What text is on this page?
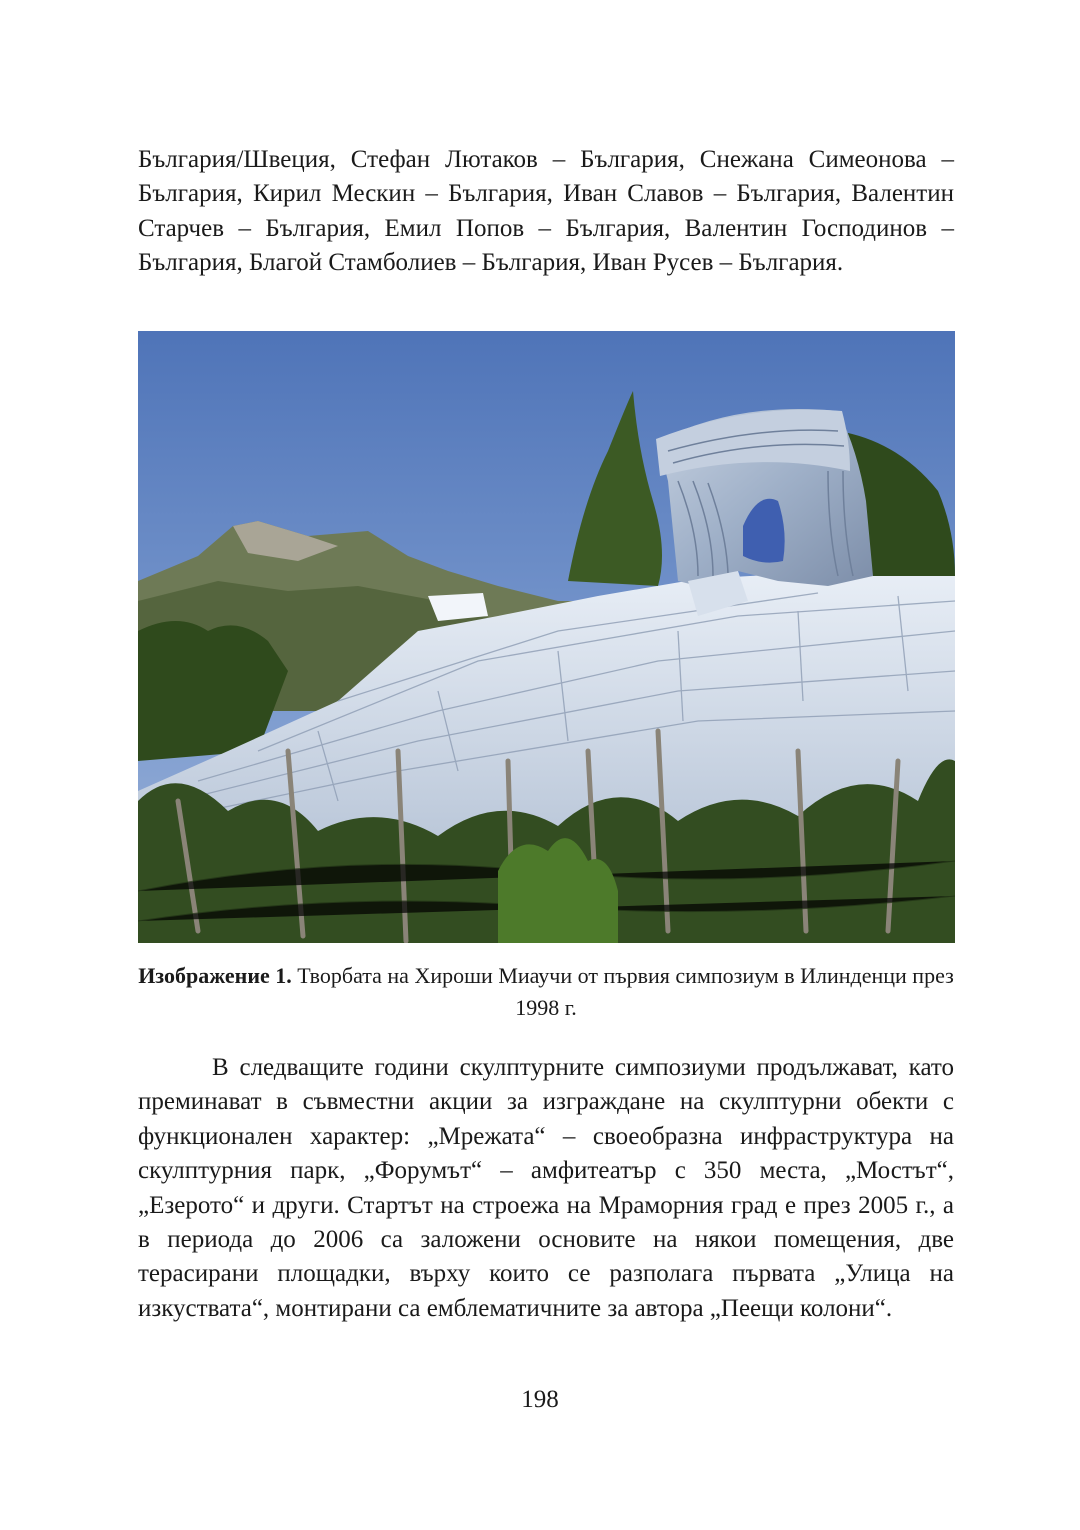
България/Швеция, Стефан Лютаков – България, Снежана Симеонова – България, Кирил Мескин – България, Иван Славов – България, Валентин Старчев – България, Емил Попов – България, Валентин Господинов – България, Благой Стамболиев – България, Иван Русев – България.

Изображение 1. Творбата на Хироши Миаучи от първия симпозиум в Илинденци през 1998 г.

В следващите години скулптурните симпозиуми продължават, като преминават в съвместни акции за изграждане на скулптурни обекти с функционален характер: „Мрежата“ – своеобразна инфраструктура на скулптурния парк, „Форумът“ – амфитеатър с 350 места, „Мостът“, „Езерото“ и други. Стартът на строежа на Мраморния град е през 2005 г., а в периода до 2006 са заложени основите на някои помещения, две терасирани площадки, върху които се разполага първата „Улица на изкуствата“, монтирани са емблематичните за автора „Пеещи колони“.

198
